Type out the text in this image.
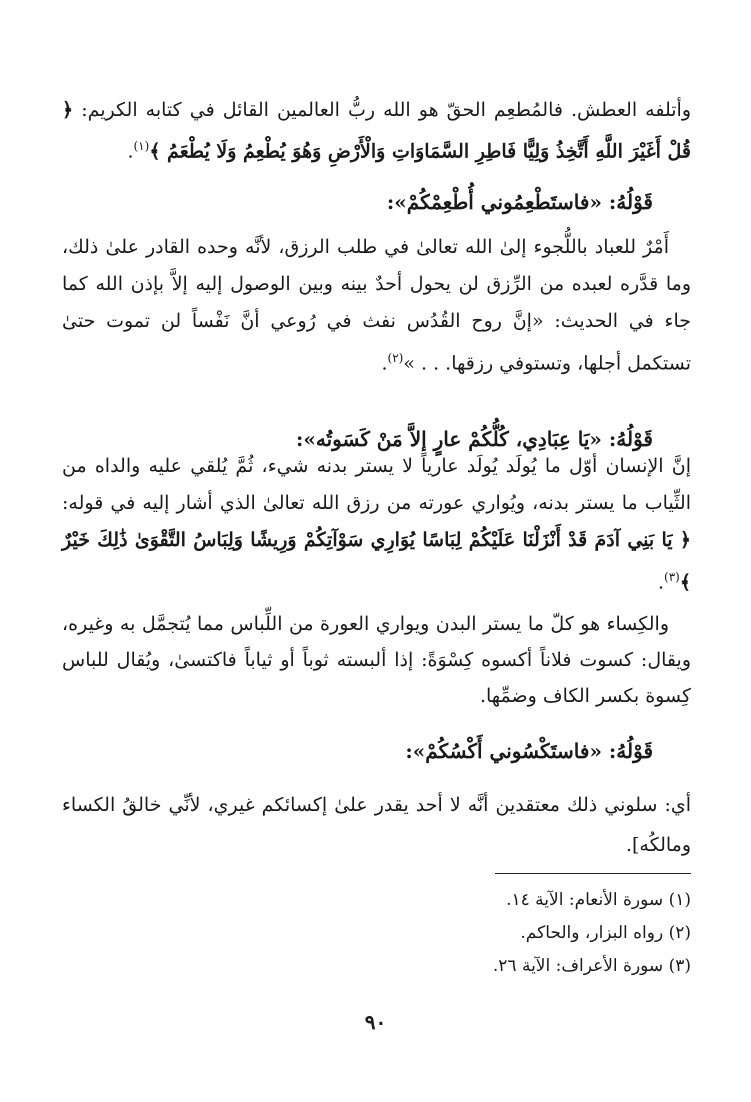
وأتلفه العطش. فالمُطعِم الحقّ هو الله ربُّ العالمين القائل في كتابه الكريم: ﴿ قُلْ أَغَيْرَ اللَّهِ أَتَّخِذُ وَلِيًّا فَاطِرِ السَّمَاوَاتِ وَالْأَرْضِ وَهُوَ يُطْعِمُ وَلَا يُطْعَمُ ﴾$^{(١)}$.

قَوْلُهُ: «فاستَطْعِمُوني أُطْعِمْكُمْ»:

أَمْرٌ للعباد باللُّجوء إلىٰ الله تعالىٰ في طلب الرزق، لأنَّه وحده القادر علىٰ ذلك، وما قدَّره لعبده من الرِّزق لن يحول أحدٌ بينه وبين الوصول إليه إلاَّ بإذن الله كما جاء في الحديث: «إنَّ روح القُدُس نفث في رُوعي أنَّ نَفْساً لن تموت حتىٰ تستكمل أجلها، وتستوفي رزقها. . . »$^{(٢)}$.

قَوْلُهُ: «يَا عِبَادِي، كُلُّكُمْ عارٍ إلاَّ مَنْ كَسَوتُه»:

إنَّ الإنسان أوّل ما يُولَد يُولَد عارياً لا يستر بدنه شيء، ثُمَّ يُلقي عليه والداه من الثِّياب ما يستر بدنه، ويُواري عورته من رزق الله تعالىٰ الذي أشار إليه في قوله: ﴿ يَا بَنِي آدَمَ قَدْ أَنْزَلْنَا عَلَيْكُمْ لِبَاسًا يُوَارِي سَوْآتِكُمْ وَرِيشًا وَلِبَاسُ التَّقْوَىٰ ذَٰلِكَ خَيْرٌ ﴾$^{(٣)}$.

والكِساء هو كلّ ما يستر البدن ويواري العورة من اللِّباس مما يُتجمَّل به وغيره، ويقال: كسوت فلاناً أكسوه كِسْوَةً: إذا ألبسته ثوباً أو ثياباً فاكتسىٰ، ويُقال للباس كِسوة بكسر الكاف وضمِّها.

قَوْلُهُ: «فاستَكْسُوني أَكْسُكُمْ»:

أي: سلوني ذلك معتقدين أنَّه لا أحد يقدر علىٰ إكسائكم غيري، لأنِّي خالقُ الكساء ومالكُه].

(١) سورة الأنعام: الآية ١٤.
(٢) رواه البزار، والحاكم.
(٣) سورة الأعراف: الآية ٢٦.
٩٠
